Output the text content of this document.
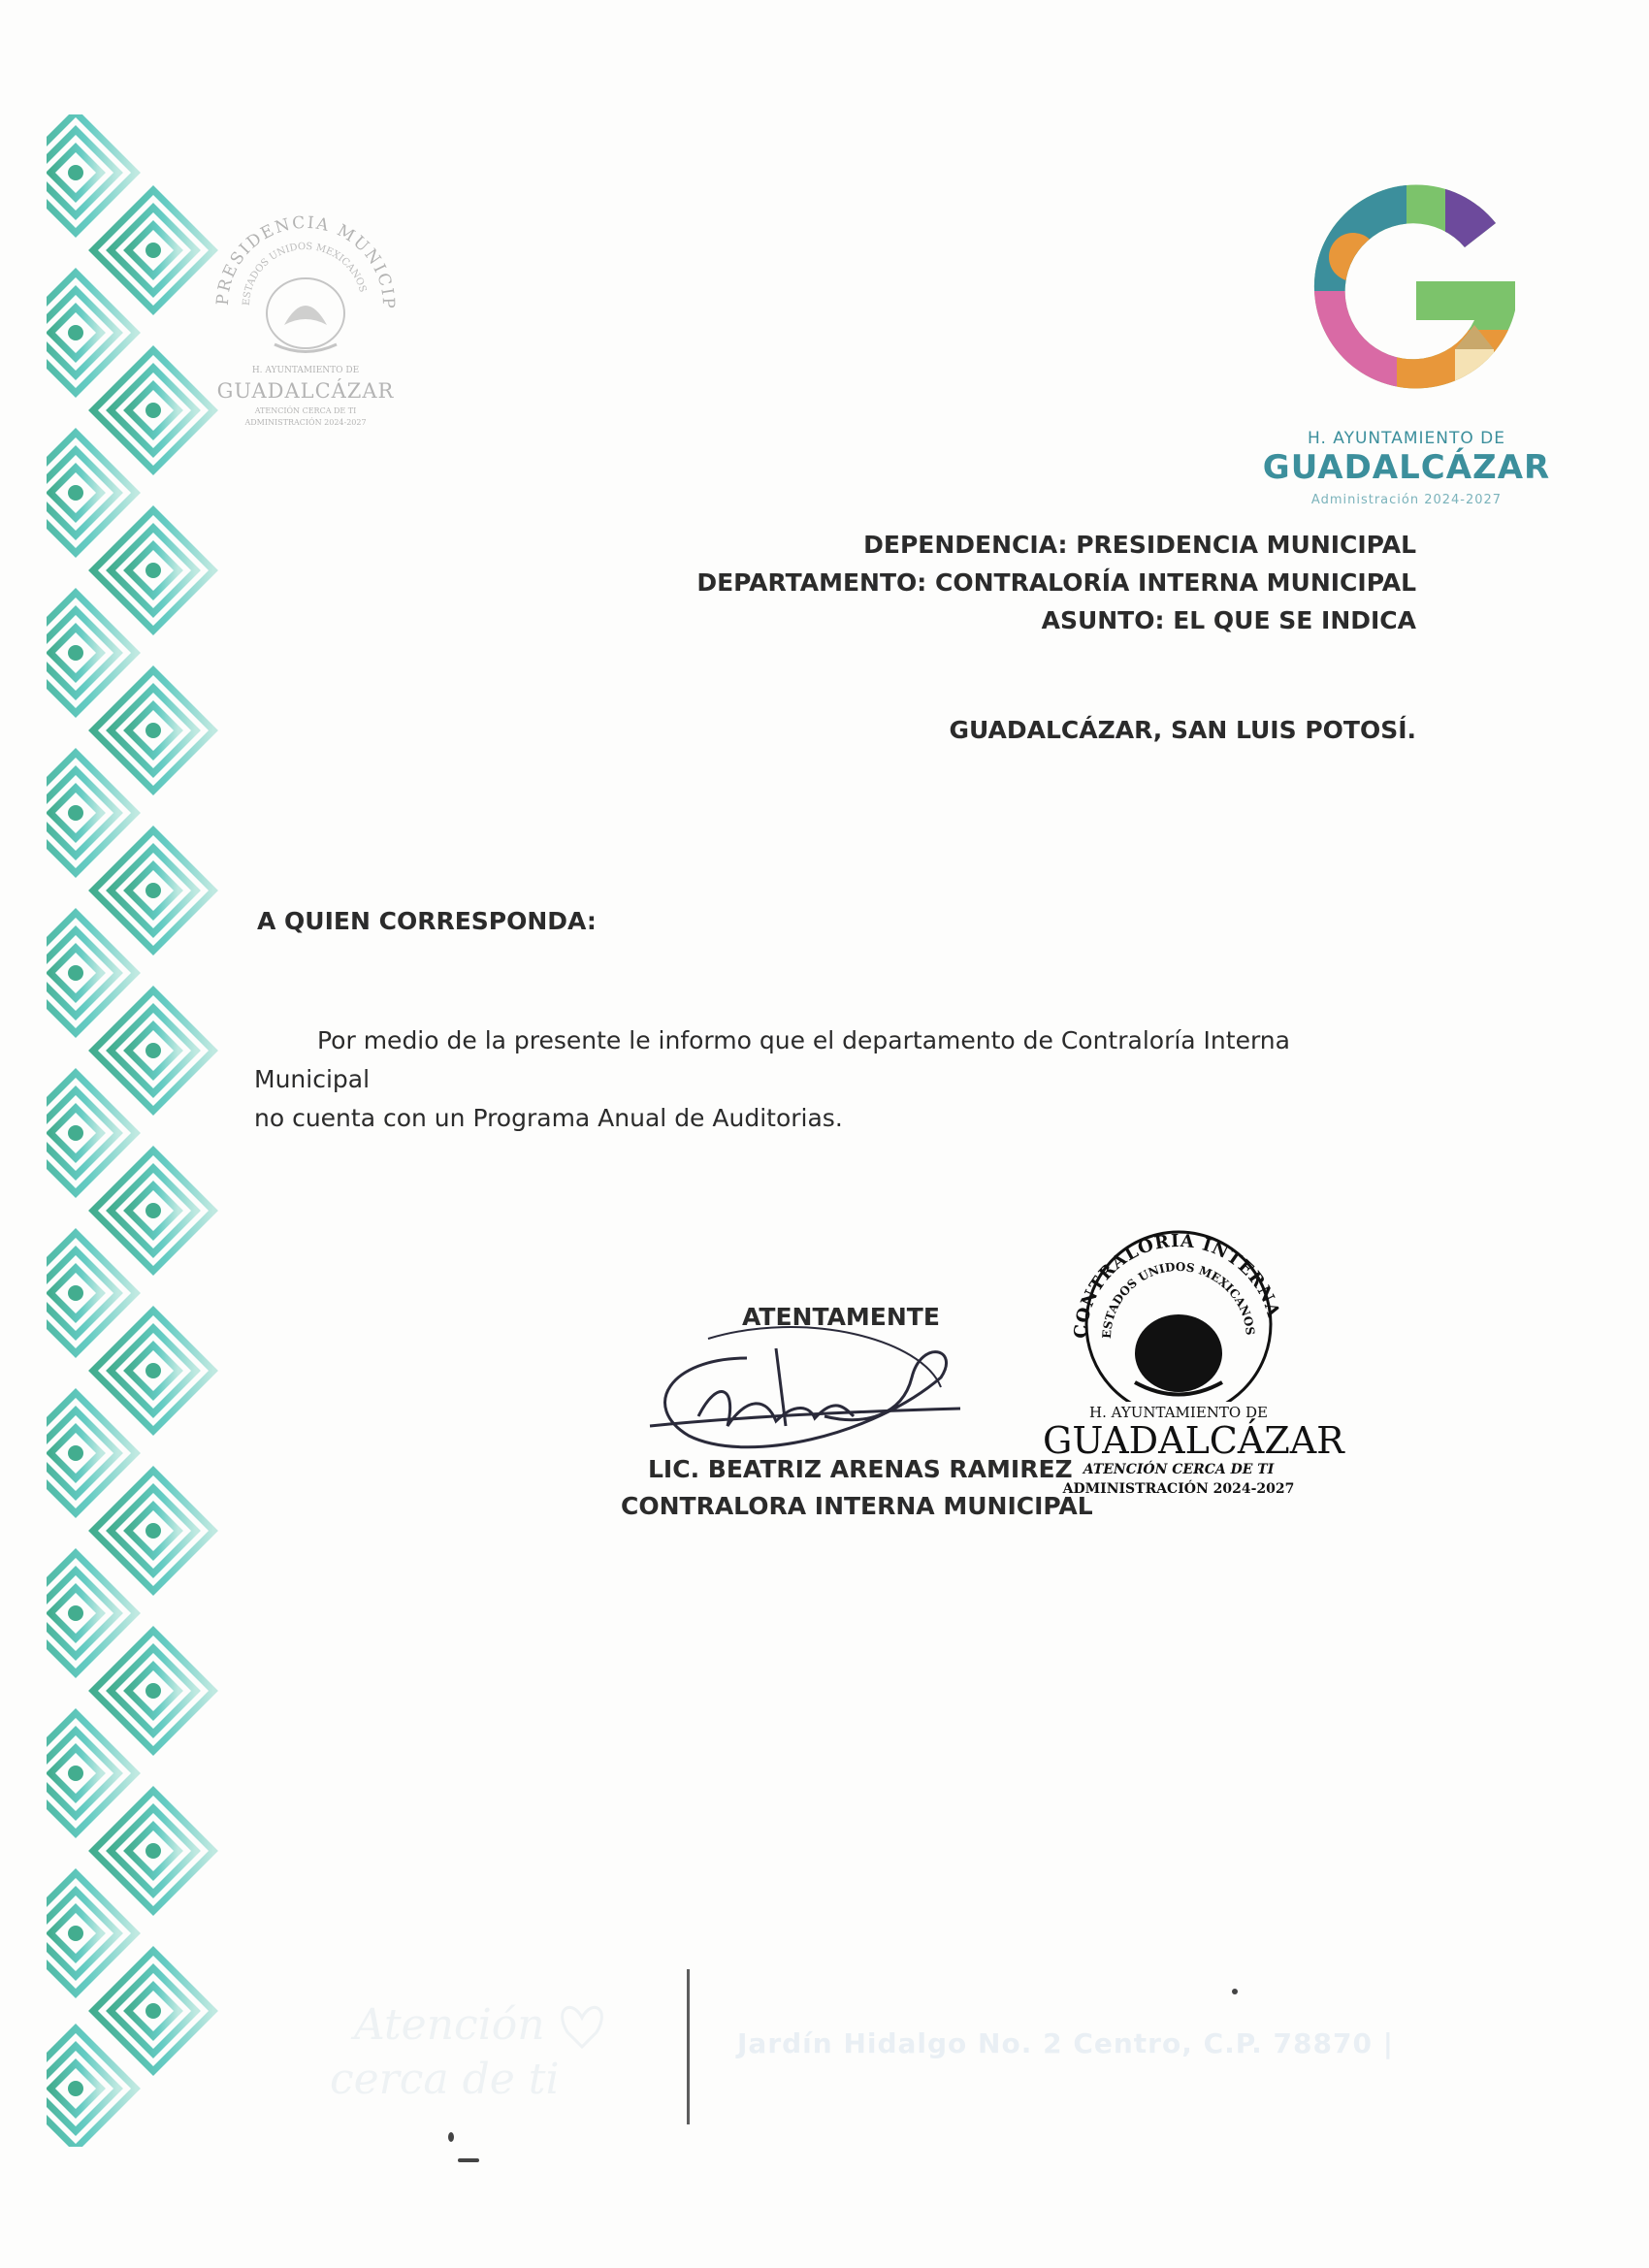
PRESIDENCIA MUNICIP
ESTADOS UNIDOS MEXICANOS
H. AYUNTAMIENTO DE
GUADALCÁZAR
ATENCIÓN CERCA DE TI
ADMINISTRACIÓN 2024-2027
H. AYUNTAMIENTO DE
GUADALCÁZAR
Administración 2024-2027
DEPENDENCIA: PRESIDENCIA MUNICIPAL
DEPARTAMENTO: CONTRALORÍA INTERNA MUNICIPAL
ASUNTO: EL QUE SE INDICA
GUADALCÁZAR, SAN LUIS POTOSÍ.
A QUIEN CORRESPONDA:
Por medio de la presente le informo que el departamento de Contraloría Interna Municipal
no cuenta con un Programa Anual de Auditorias.
ATENTAMENTE
LIC. BEATRIZ ARENAS RAMIREZ
CONTRALORA INTERNA MUNICIPAL
CONTRALORIA INTERNA
ESTADOS UNIDOS MEXICANOS
H. AYUNTAMIENTO DE
GUADALCÁZAR
ATENCIÓN CERCA DE TI
ADMINISTRACIÓN 2024-2027
Atención
cerca de ti
Jardín Hidalgo No. 2 Centro, C.P. 78870 |
